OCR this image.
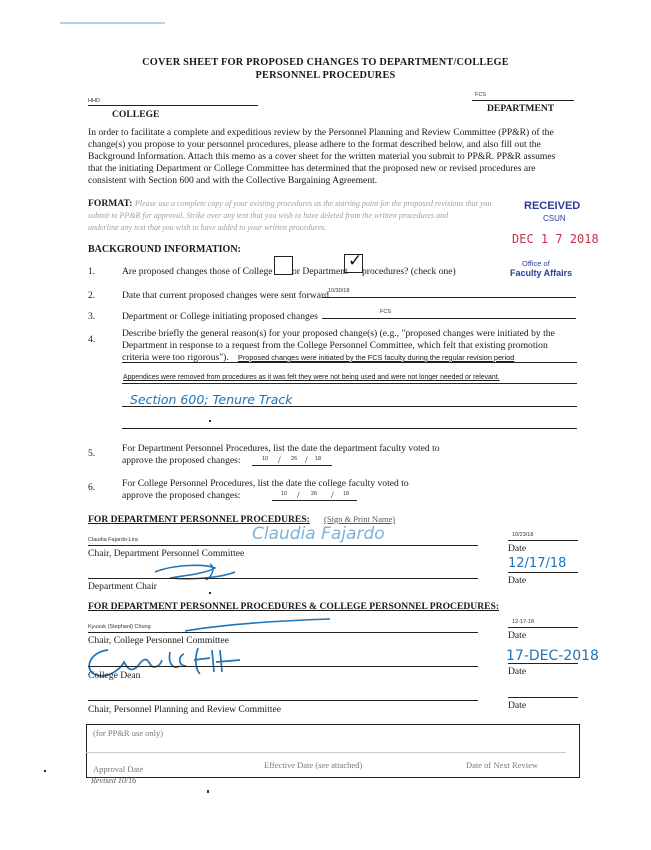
COVER SHEET FOR PROPOSED CHANGES TO DEPARTMENT/COLLEGE
PERSONNEL PROCEDURES
HHD
COLLEGE
FCS
DEPARTMENT
In order to facilitate a complete and expeditious review by the Personnel Planning and Review Committee (PP&R) of the
change(s) you propose to your personnel procedures, please adhere to the format described below, and also fill out the
Background Information. Attach this memo as a cover sheet for the written material you submit to PP&R. PP&R assumes
that the initiating Department or College Committee has determined that the proposed new or revised procedures are
consistent with Section 600 and with the Collective Bargaining Agreement.
FORMAT: Please use a complete copy of your existing procedures as the starting point for the proposed revisions that you
submit to PP&R for approval. Strike over any text that you wish to have deleted from the written procedures and
underline any text that you wish to have added to your written procedures.
RECEIVED
CSUN
DEC 1 7 2018
Office of
Faculty Affairs
BACKGROUND INFORMATION:
1.	Are proposed changes those of College or Department
✓
procedures? (check one)
2.	Date that current proposed changes were sent forward 10/30/18
3.	Department or College initiating proposed changes	FCS
4.
Describe briefly the general reason(s) for your proposed change(s) (e.g., "proposed changes were initiated by the
Department in response to a request from the College Personnel Committee, which felt that existing promotion
criteria were too rigorous"). Proposed changes were initiated by the FCS faculty during the regular revision period
Appendices were removed from procedures as it was felt they were not being used and were not longer needed or relevant.
Section 600; Tenure Track
5.	For Department Personnel Procedures, list the date the department faculty voted to
approve the proposed changes:	10 / 26 / 18
6.	For College Personnel Procedures, list the date the college faculty voted to
approve the proposed changes:	10 / 26 / 18
FOR DEPARTMENT PERSONNEL PROCEDURES: (Sign & Print Name)
Claudia Fajardo-Lira	Claudia Fajardo
Chair, Department Personnel Committee
10/23/18
Date
Department Chair
12/17/18
Date
FOR DEPARTMENT PERSONNEL PROCEDURES & COLLEGE PERSONNEL PROCEDURES:
Kyusuk (Stephanl) Chung
Chair, College Personnel Committee
12-17-18
Date
College Dean
17-DEC-2018
Date
Chair, Personnel Planning and Review Committee	Date
(for PP&R use only)
Approval Date	Effective Date (see attached)	Date of Next Review
Revised 10/16
